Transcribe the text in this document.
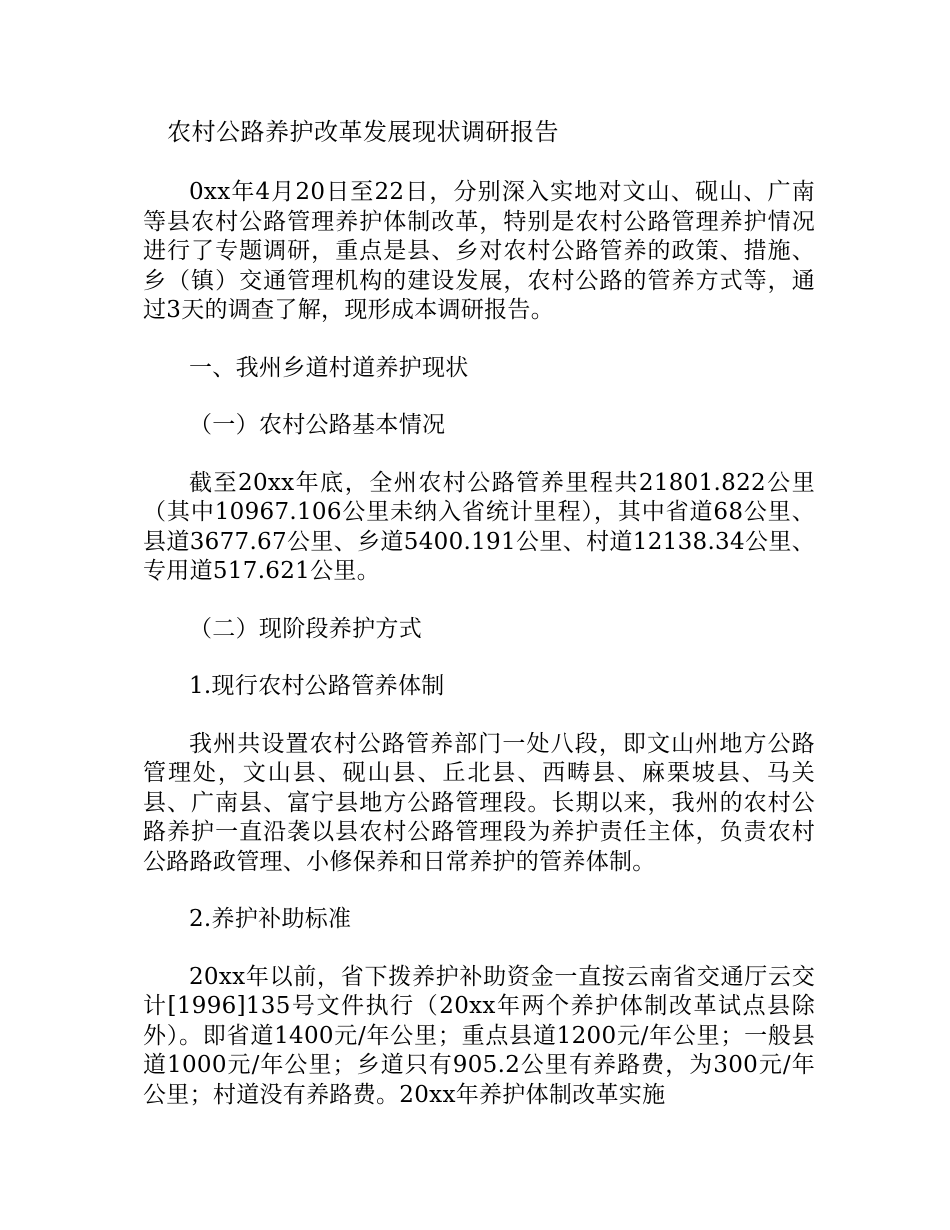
农村公路养护改革发展现状调研报告

0xx年4月20日至22日，分别深入实地对文山、砚山、广南等县农村公路管理养护体制改革，特别是农村公路管理养护情况进行了专题调研，重点是县、乡对农村公路管养的政策、措施、乡（镇）交通管理机构的建设发展，农村公路的管养方式等，通过3天的调查了解，现形成本调研报告。

一、我州乡道村道养护现状

（一）农村公路基本情况

截至20xx年底，全州农村公路管养里程共21801.822公里（其中10967.106公里未纳入省统计里程），其中省道68公里、县道3677.67公里、乡道5400.191公里、村道12138.34公里、专用道517.621公里。

（二）现阶段养护方式

1.现行农村公路管养体制

我州共设置农村公路管养部门一处八段，即文山州地方公路管理处，文山县、砚山县、丘北县、西畴县、麻栗坡县、马关县、广南县、富宁县地方公路管理段。长期以来，我州的农村公路养护一直沿袭以县农村公路管理段为养护责任主体，负责农村公路路政管理、小修保养和日常养护的管养体制。

2.养护补助标准

20xx年以前，省下拨养护补助资金一直按云南省交通厅云交计[1996]135号文件执行（20xx年两个养护体制改革试点县除外）。即省道1400元/年公里；重点县道1200元/年公里；一般县道1000元/年公里；乡道只有905.2公里有养路费，为300元/年公里；村道没有养路费。20xx年养护体制改革实施
